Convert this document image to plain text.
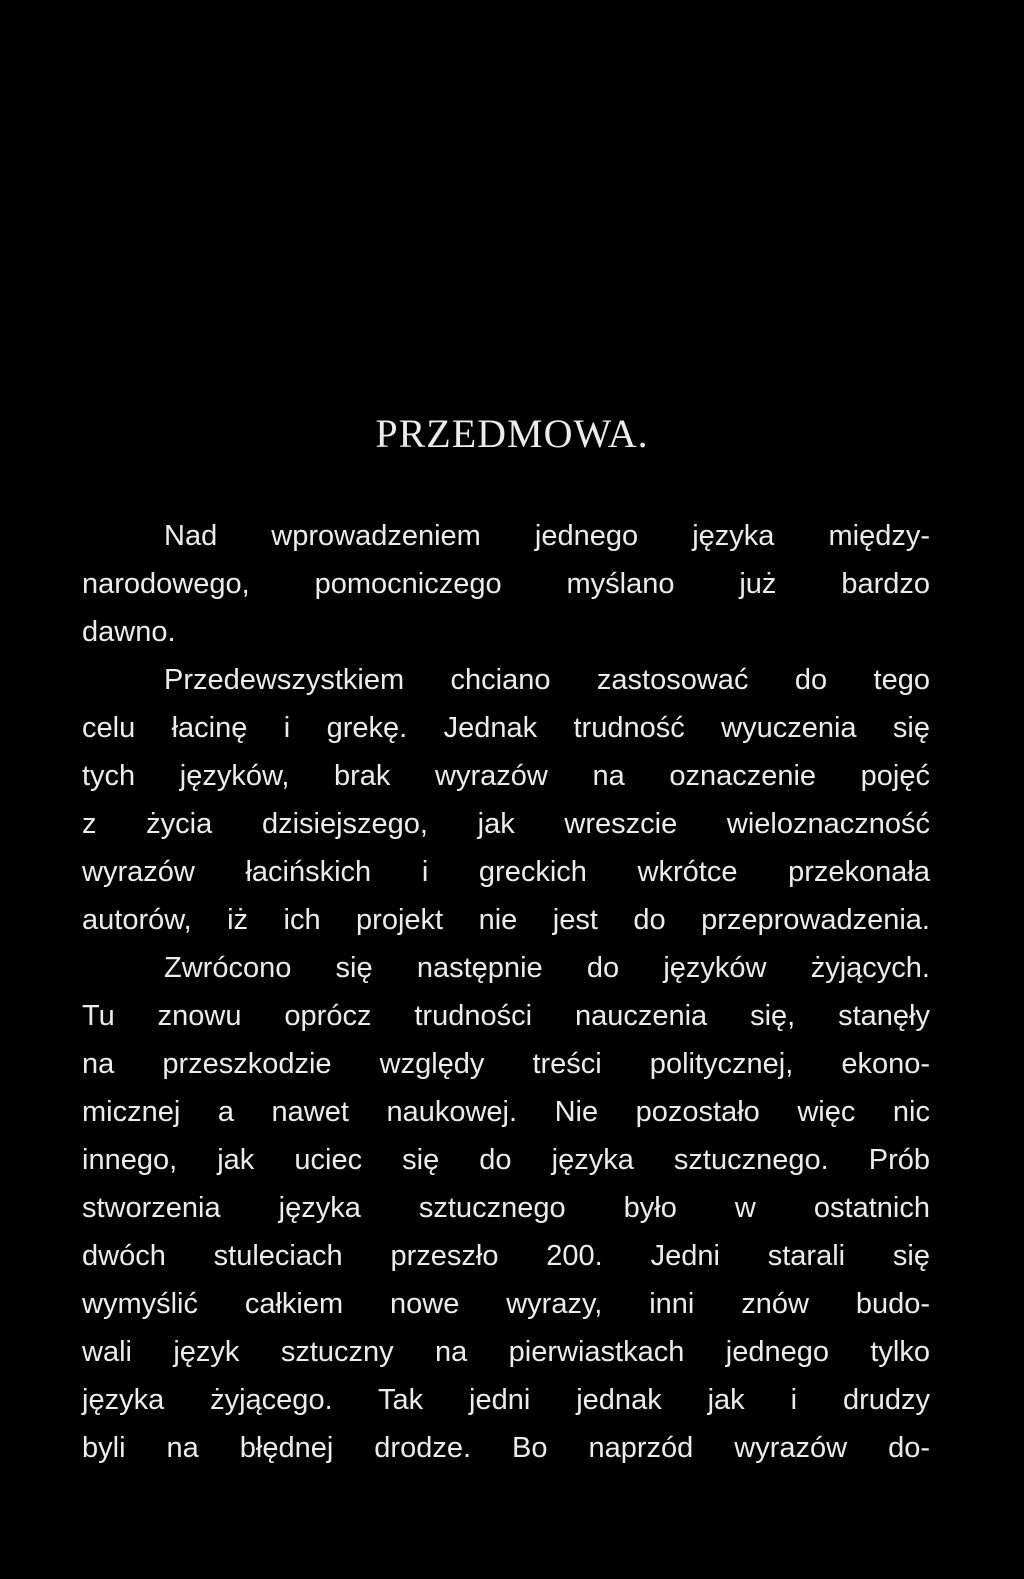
PRZEDMOWA.
Nad wprowadzeniem jednego języka między-
narodowego, pomocniczego myślano już bardzo
dawno.
Przedewszystkiem chciano zastosować do tego
celu łacinę i grekę. Jednak trudność wyuczenia się
tych języków, brak wyrazów na oznaczenie pojęć
z życia dzisiejszego, jak wreszcie wieloznaczność
wyrazów łacińskich i greckich wkrótce przekonała
autorów, iż ich projekt nie jest do przeprowadzenia.
Zwrócono się następnie do języków żyjących.
Tu znowu oprócz trudności nauczenia się, stanęły
na przeszkodzie względy treści politycznej, ekono-
micznej a nawet naukowej. Nie pozostało więc nic
innego, jak uciec się do języka sztucznego. Prób
stworzenia języka sztucznego było w ostatnich
dwóch stuleciach przeszło 200. Jedni starali się
wymyślić całkiem nowe wyrazy, inni znów budo-
wali język sztuczny na pierwiastkach jednego tylko
języka żyjącego. Tak jedni jednak jak i drudzy
byli na błędnej drodze. Bo naprzód wyrazów do-
